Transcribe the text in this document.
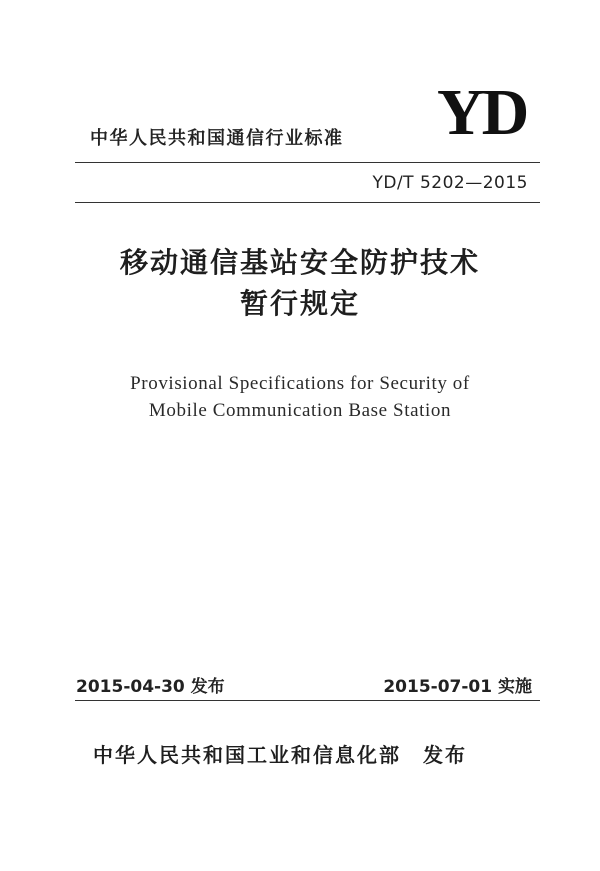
YD

中华人民共和国通信行业标准

YD/T 5202—2015

移动通信基站安全防护技术

暂行规定

Provisional Specifications for Security of

Mobile Communication Base Station

2015-04-30 发布	2015-07-01 实施

中华人民共和国工业和信息化部 发布
